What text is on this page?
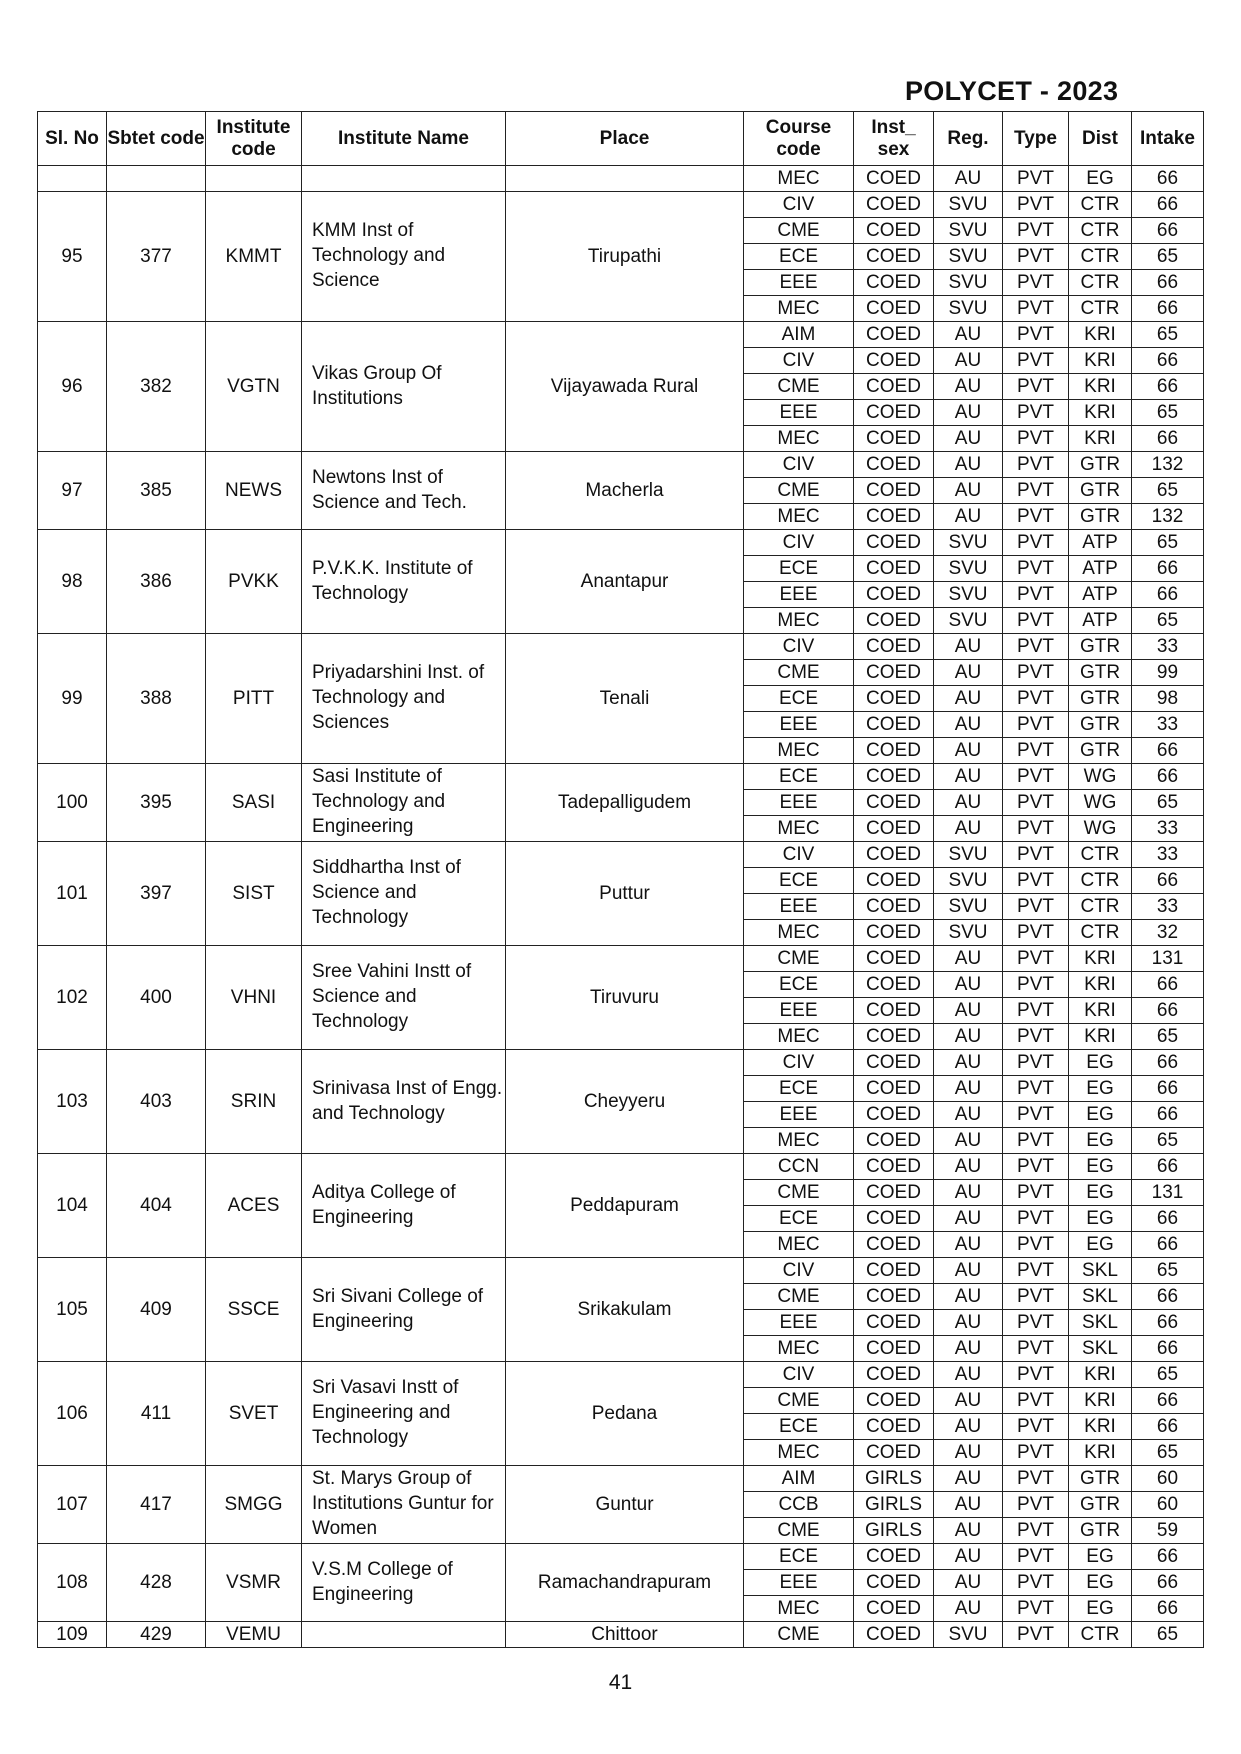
POLYCET - 2023
Sl. No	Sbtet code	Institute code	Institute Name	Place	Course code	Inst_ sex	Reg.	Type	Dist	Intake
					MEC	COED	AU	PVT	EG	66
95	377	KMMT	KMM Inst of Technology and Science	Tirupathi	CIV	COED	SVU	PVT	CTR	66
					CME	COED	SVU	PVT	CTR	66
					ECE	COED	SVU	PVT	CTR	65
					EEE	COED	SVU	PVT	CTR	66
					MEC	COED	SVU	PVT	CTR	66
96	382	VGTN	Vikas Group Of Institutions	Vijayawada Rural	AIM	COED	AU	PVT	KRI	65
					CIV	COED	AU	PVT	KRI	66
					CME	COED	AU	PVT	KRI	66
					EEE	COED	AU	PVT	KRI	65
					MEC	COED	AU	PVT	KRI	66
97	385	NEWS	Newtons Inst of Science and Tech.	Macherla	CIV	COED	AU	PVT	GTR	132
					CME	COED	AU	PVT	GTR	65
					MEC	COED	AU	PVT	GTR	132
98	386	PVKK	P.V.K.K. Institute of Technology	Anantapur	CIV	COED	SVU	PVT	ATP	65
					ECE	COED	SVU	PVT	ATP	66
					EEE	COED	SVU	PVT	ATP	66
					MEC	COED	SVU	PVT	ATP	65
99	388	PITT	Priyadarshini Inst. of Technology and Sciences	Tenali	CIV	COED	AU	PVT	GTR	33
					CME	COED	AU	PVT	GTR	99
					ECE	COED	AU	PVT	GTR	98
					EEE	COED	AU	PVT	GTR	33
					MEC	COED	AU	PVT	GTR	66
100	395	SASI	Sasi Institute of Technology and Engineering	Tadepalligudem	ECE	COED	AU	PVT	WG	66
					EEE	COED	AU	PVT	WG	65
					MEC	COED	AU	PVT	WG	33
101	397	SIST	Siddhartha Inst of Science and Technology	Puttur	CIV	COED	SVU	PVT	CTR	33
					ECE	COED	SVU	PVT	CTR	66
					EEE	COED	SVU	PVT	CTR	33
					MEC	COED	SVU	PVT	CTR	32
102	400	VHNI	Sree Vahini Instt of Science and Technology	Tiruvuru	CME	COED	AU	PVT	KRI	131
					ECE	COED	AU	PVT	KRI	66
					EEE	COED	AU	PVT	KRI	66
					MEC	COED	AU	PVT	KRI	65
103	403	SRIN	Srinivasa Inst of Engg. and Technology	Cheyyeru	CIV	COED	AU	PVT	EG	66
					ECE	COED	AU	PVT	EG	66
					EEE	COED	AU	PVT	EG	66
					MEC	COED	AU	PVT	EG	65
104	404	ACES	Aditya College of Engineering	Peddapuram	CCN	COED	AU	PVT	EG	66
					CME	COED	AU	PVT	EG	131
					ECE	COED	AU	PVT	EG	66
					MEC	COED	AU	PVT	EG	66
105	409	SSCE	Sri Sivani College of Engineering	Srikakulam	CIV	COED	AU	PVT	SKL	65
					CME	COED	AU	PVT	SKL	66
					EEE	COED	AU	PVT	SKL	66
					MEC	COED	AU	PVT	SKL	66
106	411	SVET	Sri Vasavi Instt of Engineering and Technology	Pedana	CIV	COED	AU	PVT	KRI	65
					CME	COED	AU	PVT	KRI	66
					ECE	COED	AU	PVT	KRI	66
					MEC	COED	AU	PVT	KRI	65
107	417	SMGG	St. Marys Group of Institutions Guntur for Women	Guntur	AIM	GIRLS	AU	PVT	GTR	60
					CCB	GIRLS	AU	PVT	GTR	60
					CME	GIRLS	AU	PVT	GTR	59
108	428	VSMR	V.S.M College of Engineering	Ramachandrapuram	ECE	COED	AU	PVT	EG	66
					EEE	COED	AU	PVT	EG	66
					MEC	COED	AU	PVT	EG	66
109	429	VEMU		Chittoor	CME	COED	SVU	PVT	CTR	65
41
